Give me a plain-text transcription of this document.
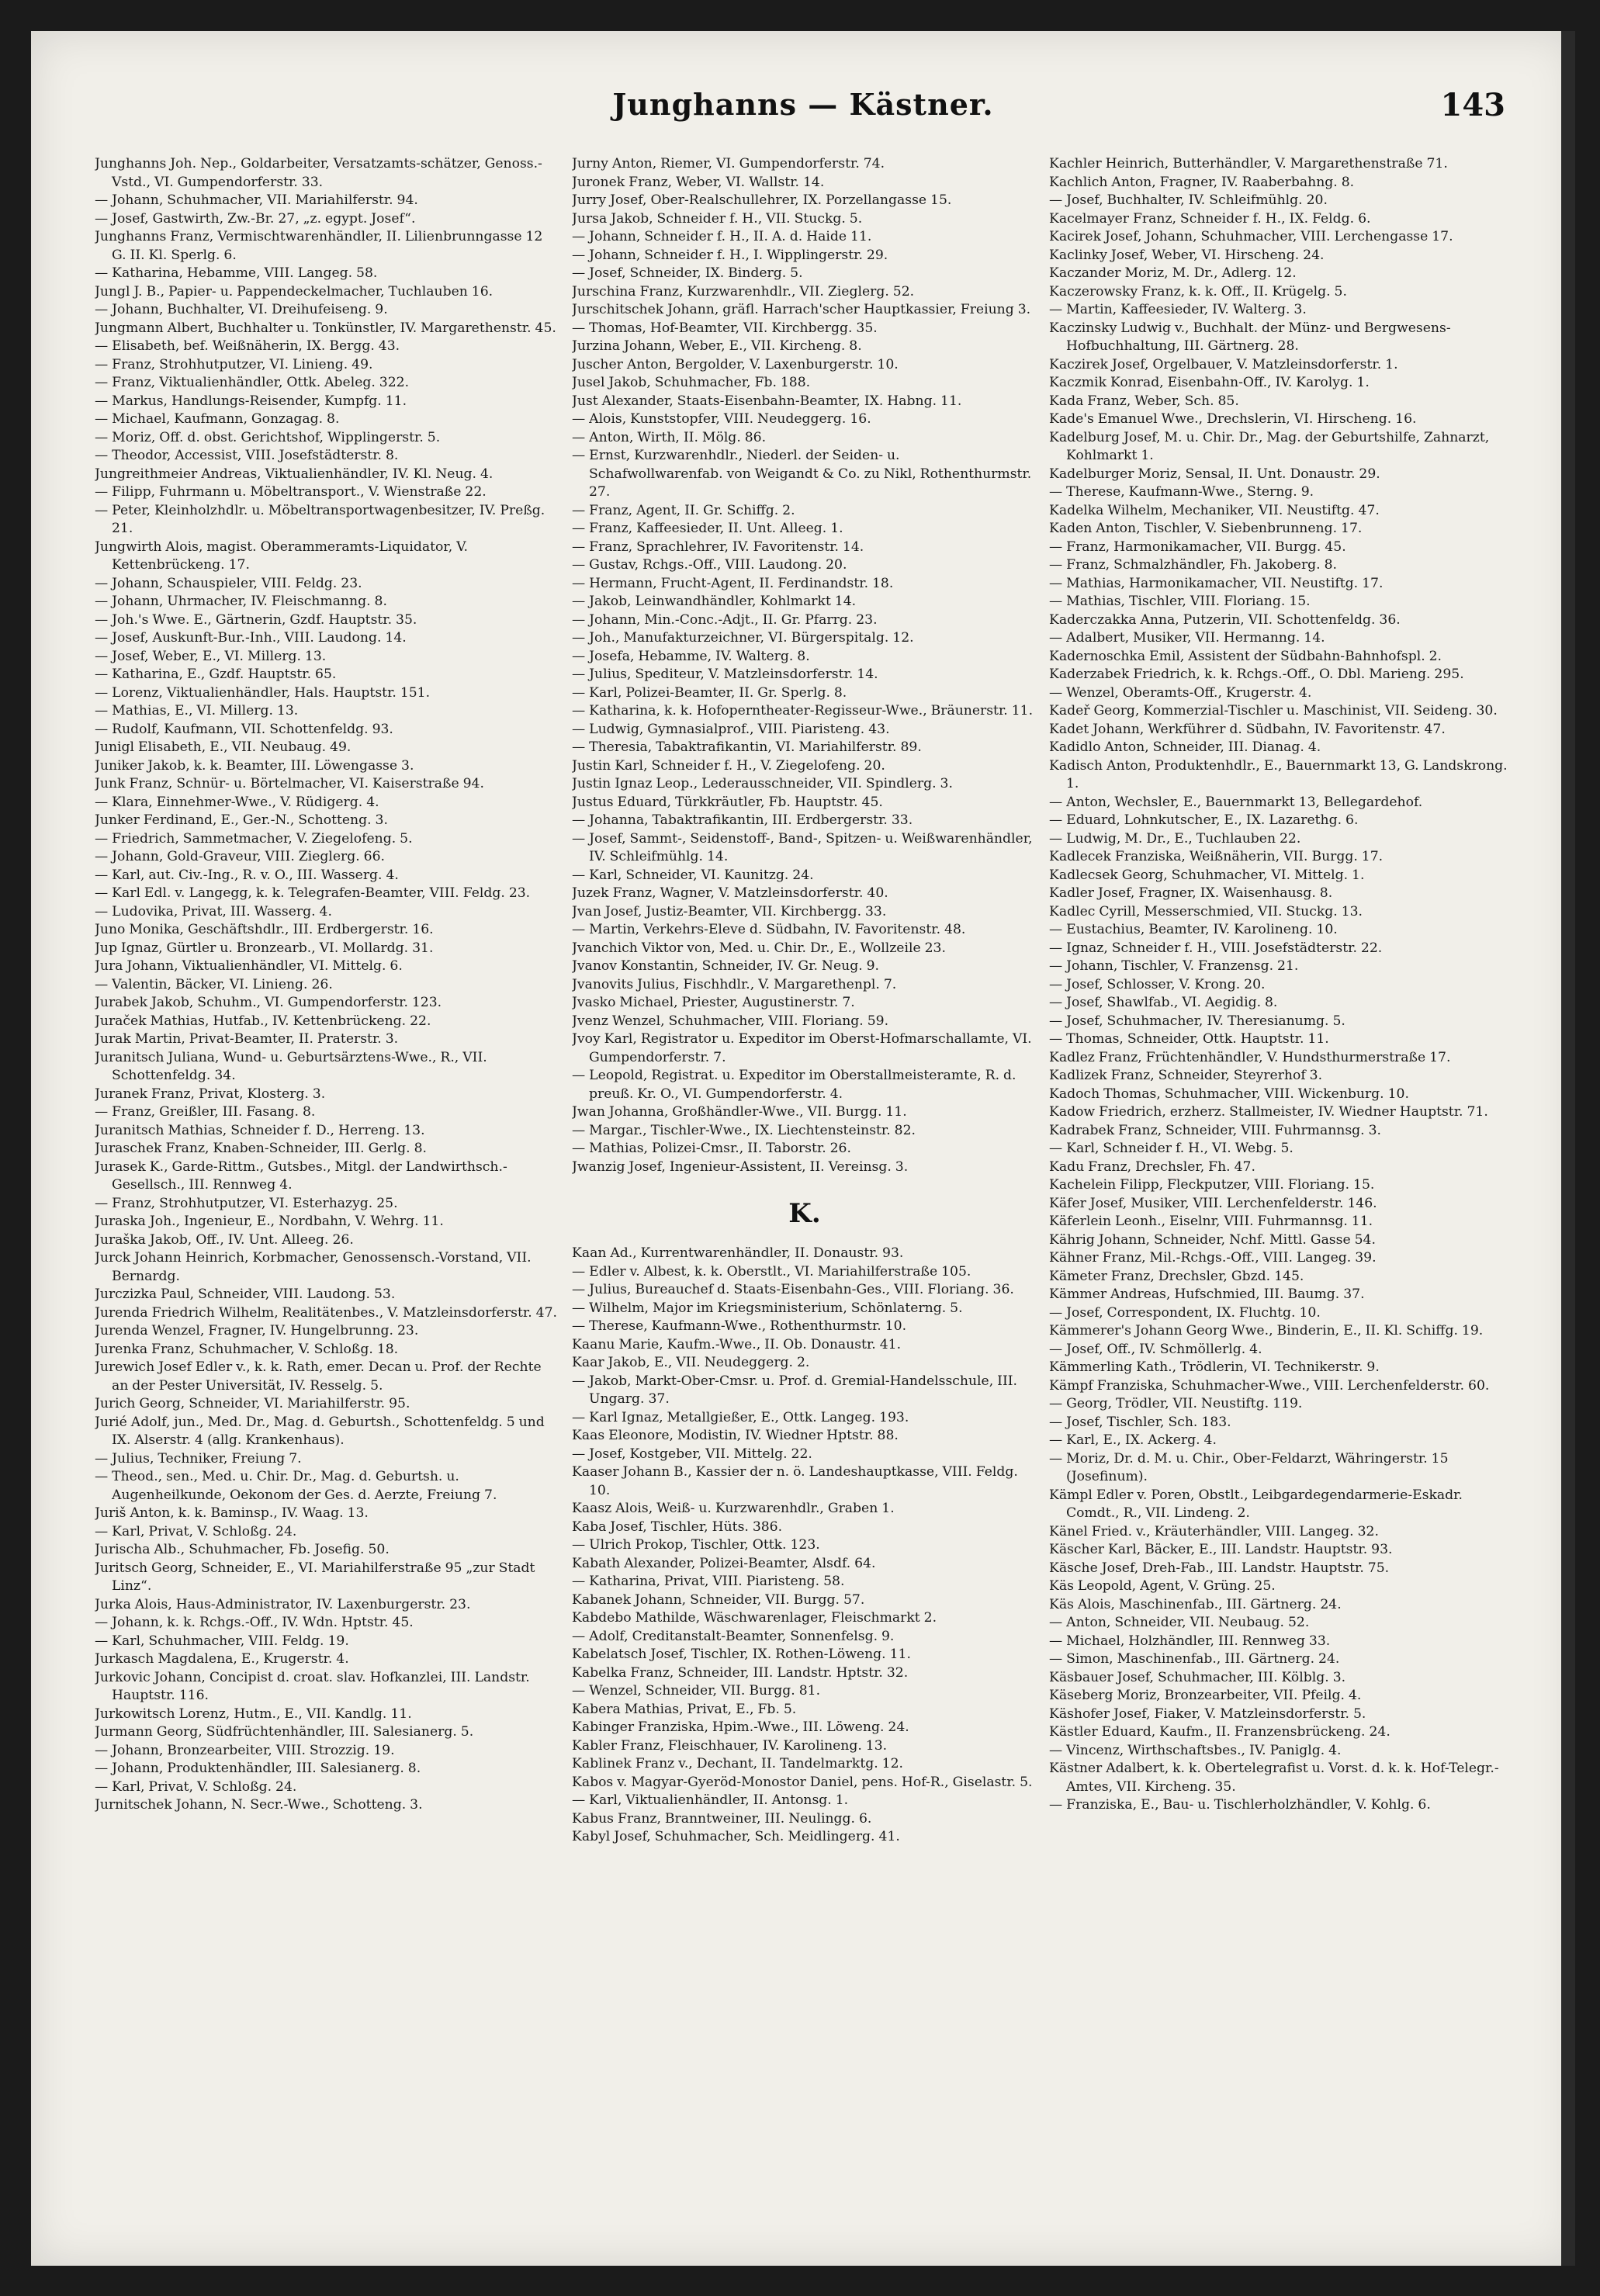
Junghanns — Kästner.	143
Junghanns Joh. Nep., Goldarbeiter, Versatzamts-schätzer, Genoss.-Vstd., VI. Gumpendorferstr. 33.
— Johann, Schuhmacher, VII. Mariahilferstr. 94.
— Josef, Gastwirth, Zw.-Br. 27, „z. egypt. Josef“.
Junghanns Franz, Vermischtwarenhändler, II. Lilienbrunngasse 12 G. II. Kl. Sperlg. 6.
— Katharina, Hebamme, VIII. Langeg. 58.
Jungl J. B., Papier- u. Pappendeckelmacher, Tuchlauben 16.
— Johann, Buchhalter, VI. Dreihufeiseng. 9.
Jungmann Albert, Buchhalter u. Tonkünstler, IV. Margarethenstr. 45.
— Elisabeth, bef. Weißnäherin, IX. Bergg. 43.
— Franz, Strohhutputzer, VI. Linieng. 49.
— Franz, Viktualienhändler, Ottk. Abeleg. 322.
— Markus, Handlungs-Reisender, Kumpfg. 11.
— Michael, Kaufmann, Gonzagag. 8.
— Moriz, Off. d. obst. Gerichtshof, Wipplingerstr. 5.
— Theodor, Accessist, VIII. Josefstädterstr. 8.
Jungreithmeier Andreas, Viktualienhändler, IV. Kl. Neug. 4.
— Filipp, Fuhrmann u. Möbeltransport., V. Wienstraße 22.
— Peter, Kleinholzhdlr. u. Möbeltransportwagenbesitzer, IV. Preßg. 21.
Jungwirth Alois, magist. Oberammeramts-Liquidator, V. Kettenbrückeng. 17.
— Johann, Schauspieler, VIII. Feldg. 23.
— Johann, Uhrmacher, IV. Fleischmanng. 8.
— Joh.'s Wwe. E., Gärtnerin, Gzdf. Hauptstr. 35.
— Josef, Auskunft-Bur.-Inh., VIII. Laudong. 14.
— Josef, Weber, E., VI. Millerg. 13.
— Katharina, E., Gzdf. Hauptstr. 65.
— Lorenz, Viktualienhändler, Hals. Hauptstr. 151.
— Mathias, E., VI. Millerg. 13.
— Rudolf, Kaufmann, VII. Schottenfeldg. 93.
Junigl Elisabeth, E., VII. Neubaug. 49.
Juniker Jakob, k. k. Beamter, III. Löwengasse 3.
Junk Franz, Schnür- u. Börtelmacher, VI. Kaiserstraße 94.
— Klara, Einnehmer-Wwe., V. Rüdigerg. 4.
Junker Ferdinand, E., Ger.-N., Schotteng. 3.
— Friedrich, Sammetmacher, V. Ziegelofeng. 5.
— Johann, Gold-Graveur, VIII. Zieglerg. 66.
— Karl, aut. Civ.-Ing., R. v. O., III. Wasserg. 4.
— Karl Edl. v. Langegg, k. k. Telegrafen-Beamter, VIII. Feldg. 23.
— Ludovika, Privat, III. Wasserg. 4.
Juno Monika, Geschäftshdlr., III. Erdbergerstr. 16.
Jup Ignaz, Gürtler u. Bronzearb., VI. Mollardg. 31.
Jura Johann, Viktualienhändler, VI. Mittelg. 6.
— Valentin, Bäcker, VI. Linieng. 26.
Jurabek Jakob, Schuhm., VI. Gumpendorferstr. 123.
Juraček Mathias, Hutfab., IV. Kettenbrückeng. 22.
Jurak Martin, Privat-Beamter, II. Praterstr. 3.
Juranitsch Juliana, Wund- u. Geburtsärztens-Wwe., R., VII. Schottenfeldg. 34.
Juranek Franz, Privat, Klosterg. 3.
— Franz, Greißler, III. Fasang. 8.
Juranitsch Mathias, Schneider f. D., Herreng. 13.
Juraschek Franz, Knaben-Schneider, III. Gerlg. 8.
Jurasek K., Garde-Rittm., Gutsbes., Mitgl. der Landwirthsch.-Gesellsch., III. Rennweg 4.
— Franz, Strohhutputzer, VI. Esterhazyg. 25.
Juraska Joh., Ingenieur, E., Nordbahn, V. Wehrg. 11.
Juraška Jakob, Off., IV. Unt. Alleeg. 26.
Jurck Johann Heinrich, Korbmacher, Genossensch.-Vorstand, VII. Bernardg.
Jurczizka Paul, Schneider, VIII. Laudong. 53.
Jurenda Friedrich Wilhelm, Realitätenbes., V. Matzleinsdorferstr. 47.
Jurenda Wenzel, Fragner, IV. Hungelbrunng. 23.
Jurenka Franz, Schuhmacher, V. Schloßg. 18.
Jurewich Josef Edler v., k. k. Rath, emer. Decan u. Prof. der Rechte an der Pester Universität, IV. Resselg. 5.
Jurich Georg, Schneider, VI. Mariahilferstr. 95.
Jurié Adolf, jun., Med. Dr., Mag. d. Geburtsh., Schottenfeldg. 5 und IX. Alserstr. 4 (allg. Krankenhaus).
— Julius, Techniker, Freiung 7.
— Theod., sen., Med. u. Chir. Dr., Mag. d. Geburtsh. u. Augenheilkunde, Oekonom der Ges. d. Aerzte, Freiung 7.
Juriš Anton, k. k. Baminsp., IV. Waag. 13.
— Karl, Privat, V. Schloßg. 24.
Jurischa Alb., Schuhmacher, Fb. Josefig. 50.
Juritsch Georg, Schneider, E., VI. Mariahilferstraße 95 „zur Stadt Linz“.
Jurka Alois, Haus-Administrator, IV. Laxenburgerstr. 23.
— Johann, k. k. Rchgs.-Off., IV. Wdn. Hptstr. 45.
— Karl, Schuhmacher, VIII. Feldg. 19.
Jurkasch Magdalena, E., Krugerstr. 4.
Jurkovic Johann, Concipist d. croat. slav. Hofkanzlei, III. Landstr. Hauptstr. 116.
Jurkowitsch Lorenz, Hutm., E., VII. Kandlg. 11.
Jurmann Georg, Südfrüchtenhändler, III. Salesianerg. 5.
— Johann, Bronzearbeiter, VIII. Strozzig. 19.
— Johann, Produktenhändler, III. Salesianerg. 8.
— Karl, Privat, V. Schloßg. 24.
Jurnitschek Johann, N. Secr.-Wwe., Schotteng. 3.
Jurny Anton, Riemer, VI. Gumpendorferstr. 74.
Juronek Franz, Weber, VI. Wallstr. 14.
Jurry Josef, Ober-Realschullehrer, IX. Porzellangasse 15.
Jursa Jakob, Schneider f. H., VII. Stuckg. 5.
— Johann, Schneider f. H., II. A. d. Haide 11.
— Johann, Schneider f. H., I. Wipplingerstr. 29.
— Josef, Schneider, IX. Binderg. 5.
Jurschina Franz, Kurzwarenhdlr., VII. Zieglerg. 52.
Jurschitschek Johann, gräfl. Harrach'scher Hauptkassier, Freiung 3.
— Thomas, Hof-Beamter, VII. Kirchbergg. 35.
Jurzina Johann, Weber, E., VII. Kircheng. 8.
Juscher Anton, Bergolder, V. Laxenburgerstr. 10.
Jusel Jakob, Schuhmacher, Fb. 188.
Just Alexander, Staats-Eisenbahn-Beamter, IX. Habng. 11.
— Alois, Kunststopfer, VIII. Neudeggerg. 16.
— Anton, Wirth, II. Mölg. 86.
— Ernst, Kurzwarenhdlr., Niederl. der Seiden- u. Schafwollwarenfab. von Weigandt & Co. zu Nikl, Rothenthurmstr. 27.
— Franz, Agent, II. Gr. Schiffg. 2.
— Franz, Kaffeesieder, II. Unt. Alleeg. 1.
— Franz, Sprachlehrer, IV. Favoritenstr. 14.
— Gustav, Rchgs.-Off., VIII. Laudong. 20.
— Hermann, Frucht-Agent, II. Ferdinandstr. 18.
— Jakob, Leinwandhändler, Kohlmarkt 14.
— Johann, Min.-Conc.-Adjt., II. Gr. Pfarrg. 23.
— Joh., Manufakturzeichner, VI. Bürgerspitalg. 12.
— Josefa, Hebamme, IV. Walterg. 8.
— Julius, Spediteur, V. Matzleinsdorferstr. 14.
— Karl, Polizei-Beamter, II. Gr. Sperlg. 8.
— Katharina, k. k. Hofoperntheater-Regisseur-Wwe., Bräunerstr. 11.
— Ludwig, Gymnasialprof., VIII. Piaristeng. 43.
— Theresia, Tabaktrafikantin, VI. Mariahilferstr. 89.
Justin Karl, Schneider f. H., V. Ziegelofeng. 20.
Justin Ignaz Leop., Lederausschneider, VII. Spindlerg. 3.
Justus Eduard, Türkkräutler, Fb. Hauptstr. 45.
— Johanna, Tabaktrafikantin, III. Erdbergerstr. 33.
— Josef, Sammt-, Seidenstoff-, Band-, Spitzen- u. Weißwarenhändler, IV. Schleifmühlg. 14.
— Karl, Schneider, VI. Kaunitzg. 24.
Juzek Franz, Wagner, V. Matzleinsdorferstr. 40.
Jvan Josef, Justiz-Beamter, VII. Kirchbergg. 33.
— Martin, Verkehrs-Eleve d. Südbahn, IV. Favoritenstr. 48.
Jvanchich Viktor von, Med. u. Chir. Dr., E., Wollzeile 23.
Jvanov Konstantin, Schneider, IV. Gr. Neug. 9.
Jvanovits Julius, Fischhdlr., V. Margarethenpl. 7.
Jvasko Michael, Priester, Augustinerstr. 7.
Jvenz Wenzel, Schuhmacher, VIII. Floriang. 59.
Jvoy Karl, Registrator u. Expeditor im Oberst-Hofmarschallamte, VI. Gumpendorferstr. 7.
— Leopold, Registrat. u. Expeditor im Oberstallmeisteramte, R. d. preuß. Kr. O., VI. Gumpendorferstr. 4.
Jwan Johanna, Großhändler-Wwe., VII. Burgg. 11.
— Margar., Tischler-Wwe., IX. Liechtensteinstr. 82.
— Mathias, Polizei-Cmsr., II. Taborstr. 26.
Jwanzig Josef, Ingenieur-Assistent, II. Vereinsg. 3.
K.
Kaan Ad., Kurrentwarenhändler, II. Donaustr. 93.
— Edler v. Albest, k. k. Oberstlt., VI. Mariahilferstraße 105.
— Julius, Bureauchef d. Staats-Eisenbahn-Ges., VIII. Floriang. 36.
— Wilhelm, Major im Kriegsministerium, Schönlaterng. 5.
— Therese, Kaufmann-Wwe., Rothenthurmstr. 10.
Kaanu Marie, Kaufm.-Wwe., II. Ob. Donaustr. 41.
Kaar Jakob, E., VII. Neudeggerg. 2.
— Jakob, Markt-Ober-Cmsr. u. Prof. d. Gremial-Handelsschule, III. Ungarg. 37.
— Karl Ignaz, Metallgießer, E., Ottk. Langeg. 193.
Kaas Eleonore, Modistin, IV. Wiedner Hptstr. 88.
— Josef, Kostgeber, VII. Mittelg. 22.
Kaaser Johann B., Kassier der n. ö. Landeshauptkasse, VIII. Feldg. 10.
Kaasz Alois, Weiß- u. Kurzwarenhdlr., Graben 1.
Kaba Josef, Tischler, Hüts. 386.
— Ulrich Prokop, Tischler, Ottk. 123.
Kabath Alexander, Polizei-Beamter, Alsdf. 64.
— Katharina, Privat, VIII. Piaristeng. 58.
Kabanek Johann, Schneider, VII. Burgg. 57.
Kabdebo Mathilde, Wäschwarenlager, Fleischmarkt 2.
— Adolf, Creditanstalt-Beamter, Sonnenfelsg. 9.
Kabelatsch Josef, Tischler, IX. Rothen-Löweng. 11.
Kabelka Franz, Schneider, III. Landstr. Hptstr. 32.
— Wenzel, Schneider, VII. Burgg. 81.
Kabera Mathias, Privat, E., Fb. 5.
Kabinger Franziska, Hpim.-Wwe., III. Löweng. 24.
Kabler Franz, Fleischhauer, IV. Karolineng. 13.
Kablinek Franz v., Dechant, II. Tandelmarktg. 12.
Kabos v. Magyar-Gyeröd-Monostor Daniel, pens. Hof-R., Giselastr. 5.
— Karl, Viktualienhändler, II. Antonsg. 1.
Kabus Franz, Branntweiner, III. Neulingg. 6.
Kabyl Josef, Schuhmacher, Sch. Meidlingerg. 41.
Kachler Heinrich, Butterhändler, V. Margarethenstraße 71.
Kachlich Anton, Fragner, IV. Raaberbahng. 8.
— Josef, Buchhalter, IV. Schleifmühlg. 20.
Kacelmayer Franz, Schneider f. H., IX. Feldg. 6.
Kacirek Josef, Johann, Schuhmacher, VIII. Lerchengasse 17.
Kaclinky Josef, Weber, VI. Hirscheng. 24.
Kaczander Moriz, M. Dr., Adlerg. 12.
Kaczerowsky Franz, k. k. Off., II. Krügelg. 5.
— Martin, Kaffeesieder, IV. Walterg. 3.
Kaczinsky Ludwig v., Buchhalt. der Münz- und Bergwesens-Hofbuchhaltung, III. Gärtnerg. 28.
Kaczirek Josef, Orgelbauer, V. Matzleinsdorferstr. 1.
Kaczmik Konrad, Eisenbahn-Off., IV. Karolyg. 1.
Kada Franz, Weber, Sch. 85.
Kade's Emanuel Wwe., Drechslerin, VI. Hirscheng. 16.
Kadelburg Josef, M. u. Chir. Dr., Mag. der Geburtshilfe, Zahnarzt, Kohlmarkt 1.
Kadelburger Moriz, Sensal, II. Unt. Donaustr. 29.
— Therese, Kaufmann-Wwe., Sterng. 9.
Kadelka Wilhelm, Mechaniker, VII. Neustiftg. 47.
Kaden Anton, Tischler, V. Siebenbrunneng. 17.
— Franz, Harmonikamacher, VII. Burgg. 45.
— Franz, Schmalzhändler, Fh. Jakoberg. 8.
— Mathias, Harmonikamacher, VII. Neustiftg. 17.
— Mathias, Tischler, VIII. Floriang. 15.
Kaderczakka Anna, Putzerin, VII. Schottenfeldg. 36.
— Adalbert, Musiker, VII. Hermanng. 14.
Kadernoschka Emil, Assistent der Südbahn-Bahnhofspl. 2.
Kaderzabek Friedrich, k. k. Rchgs.-Off., O. Dbl. Marieng. 295.
— Wenzel, Oberamts-Off., Krugerstr. 4.
Kadeř Georg, Kommerzial-Tischler u. Maschinist, VII. Seideng. 30.
Kadet Johann, Werkführer d. Südbahn, IV. Favoritenstr. 47.
Kadidlo Anton, Schneider, III. Dianag. 4.
Kadisch Anton, Produktenhdlr., E., Bauernmarkt 13, G. Landskrong. 1.
— Anton, Wechsler, E., Bauernmarkt 13, Bellegardehof.
— Eduard, Lohnkutscher, E., IX. Lazarethg. 6.
— Ludwig, M. Dr., E., Tuchlauben 22.
Kadlecek Franziska, Weißnäherin, VII. Burgg. 17.
Kadlecsek Georg, Schuhmacher, VI. Mittelg. 1.
Kadler Josef, Fragner, IX. Waisenhausg. 8.
Kadlec Cyrill, Messerschmied, VII. Stuckg. 13.
— Eustachius, Beamter, IV. Karolineng. 10.
— Ignaz, Schneider f. H., VIII. Josefstädterstr. 22.
— Johann, Tischler, V. Franzensg. 21.
— Josef, Schlosser, V. Krong. 20.
— Josef, Shawlfab., VI. Aegidig. 8.
— Josef, Schuhmacher, IV. Theresianumg. 5.
— Thomas, Schneider, Ottk. Hauptstr. 11.
Kadlez Franz, Früchtenhändler, V. Hundsthurmerstraße 17.
Kadlizek Franz, Schneider, Steyrerhof 3.
Kadoch Thomas, Schuhmacher, VIII. Wickenburg. 10.
Kadow Friedrich, erzherz. Stallmeister, IV. Wiedner Hauptstr. 71.
Kadrabek Franz, Schneider, VIII. Fuhrmannsg. 3.
— Karl, Schneider f. H., VI. Webg. 5.
Kadu Franz, Drechsler, Fh. 47.
Kachelein Filipp, Fleckputzer, VIII. Floriang. 15.
Käfer Josef, Musiker, VIII. Lerchenfelderstr. 146.
Käferlein Leonh., Eiselnr, VIII. Fuhrmannsg. 11.
Kährig Johann, Schneider, Nchf. Mittl. Gasse 54.
Kähner Franz, Mil.-Rchgs.-Off., VIII. Langeg. 39.
Kämeter Franz, Drechsler, Gbzd. 145.
Kämmer Andreas, Hufschmied, III. Baumg. 37.
— Josef, Correspondent, IX. Fluchtg. 10.
Kämmerer's Johann Georg Wwe., Binderin, E., II. Kl. Schiffg. 19.
— Josef, Off., IV. Schmöllerlg. 4.
Kämmerling Kath., Trödlerin, VI. Technikerstr. 9.
Kämpf Franziska, Schuhmacher-Wwe., VIII. Lerchenfelderstr. 60.
— Georg, Trödler, VII. Neustiftg. 119.
— Josef, Tischler, Sch. 183.
— Karl, E., IX. Ackerg. 4.
— Moriz, Dr. d. M. u. Chir., Ober-Feldarzt, Währingerstr. 15 (Josefinum).
Kämpl Edler v. Poren, Obstlt., Leibgardegendarmerie-Eskadr. Comdt., R., VII. Lindeng. 2.
Känel Fried. v., Kräuterhändler, VIII. Langeg. 32.
Käscher Karl, Bäcker, E., III. Landstr. Hauptstr. 93.
Käsche Josef, Dreh-Fab., III. Landstr. Hauptstr. 75.
Käs Leopold, Agent, V. Grüng. 25.
Käs Alois, Maschinenfab., III. Gärtnerg. 24.
— Anton, Schneider, VII. Neubaug. 52.
— Michael, Holzhändler, III. Rennweg 33.
— Simon, Maschinenfab., III. Gärtnerg. 24.
Käsbauer Josef, Schuhmacher, III. Kölblg. 3.
Käseberg Moriz, Bronzearbeiter, VII. Pfeilg. 4.
Käshofer Josef, Fiaker, V. Matzleinsdorferstr. 5.
Kästler Eduard, Kaufm., II. Franzensbrückeng. 24.
— Vincenz, Wirthschaftsbes., IV. Paniglg. 4.
Kästner Adalbert, k. k. Obertelegrafist u. Vorst. d. k. k. Hof-Telegr.-Amtes, VII. Kircheng. 35.
— Franziska, E., Bau- u. Tischlerholzhändler, V. Kohlg. 6.
